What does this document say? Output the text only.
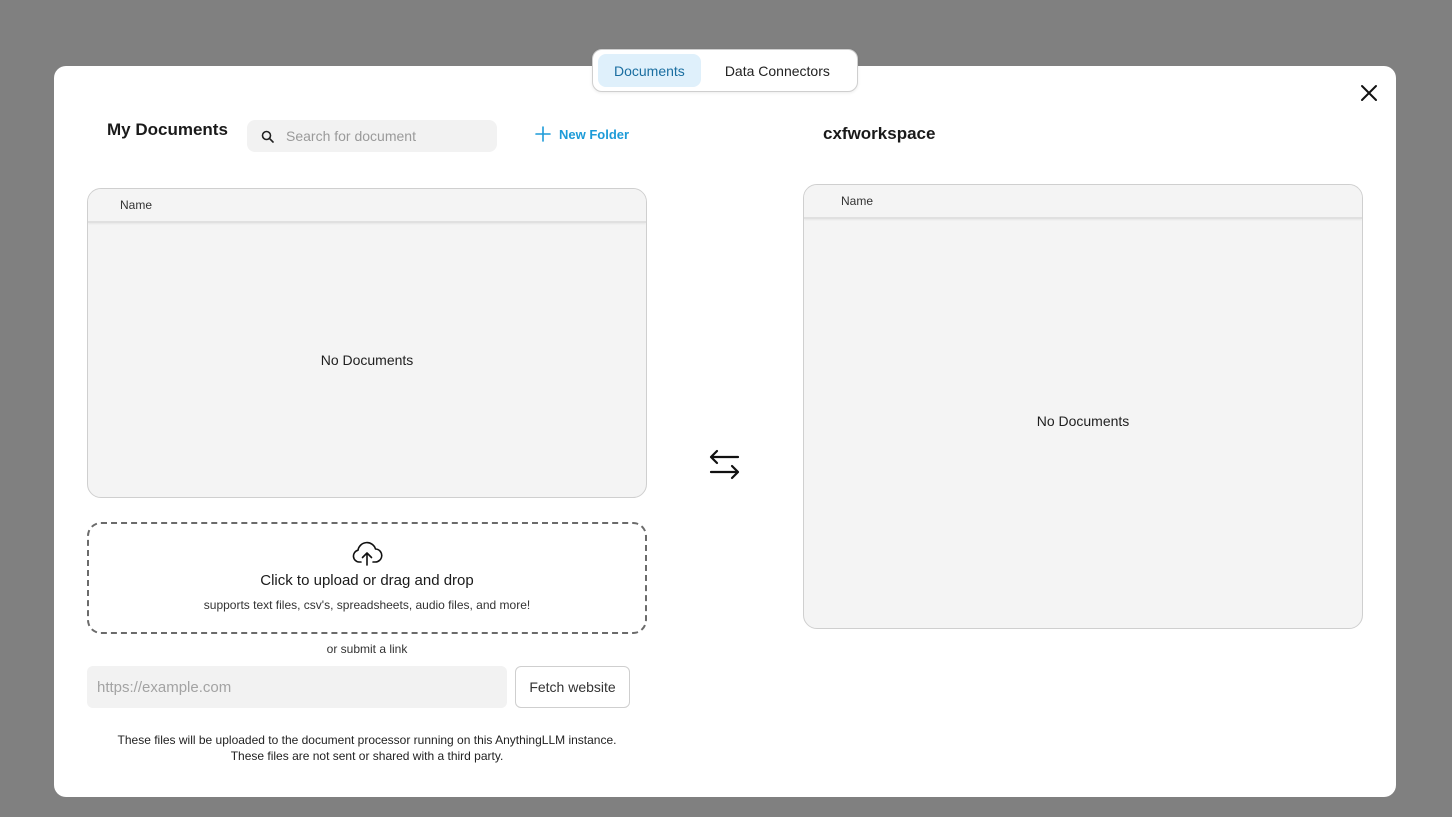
Documents	Data Connectors
My Documents
Search for document	New Folder
Name
No Documents
cxfworkspace
Name
No Documents
Click to upload or drag and drop
supports text files, csv's, spreadsheets, audio files, and more!
or submit a link
https://example.com
Fetch website
These files will be uploaded to the document processor running on this AnythingLLM instance.
These files are not sent or shared with a third party.
